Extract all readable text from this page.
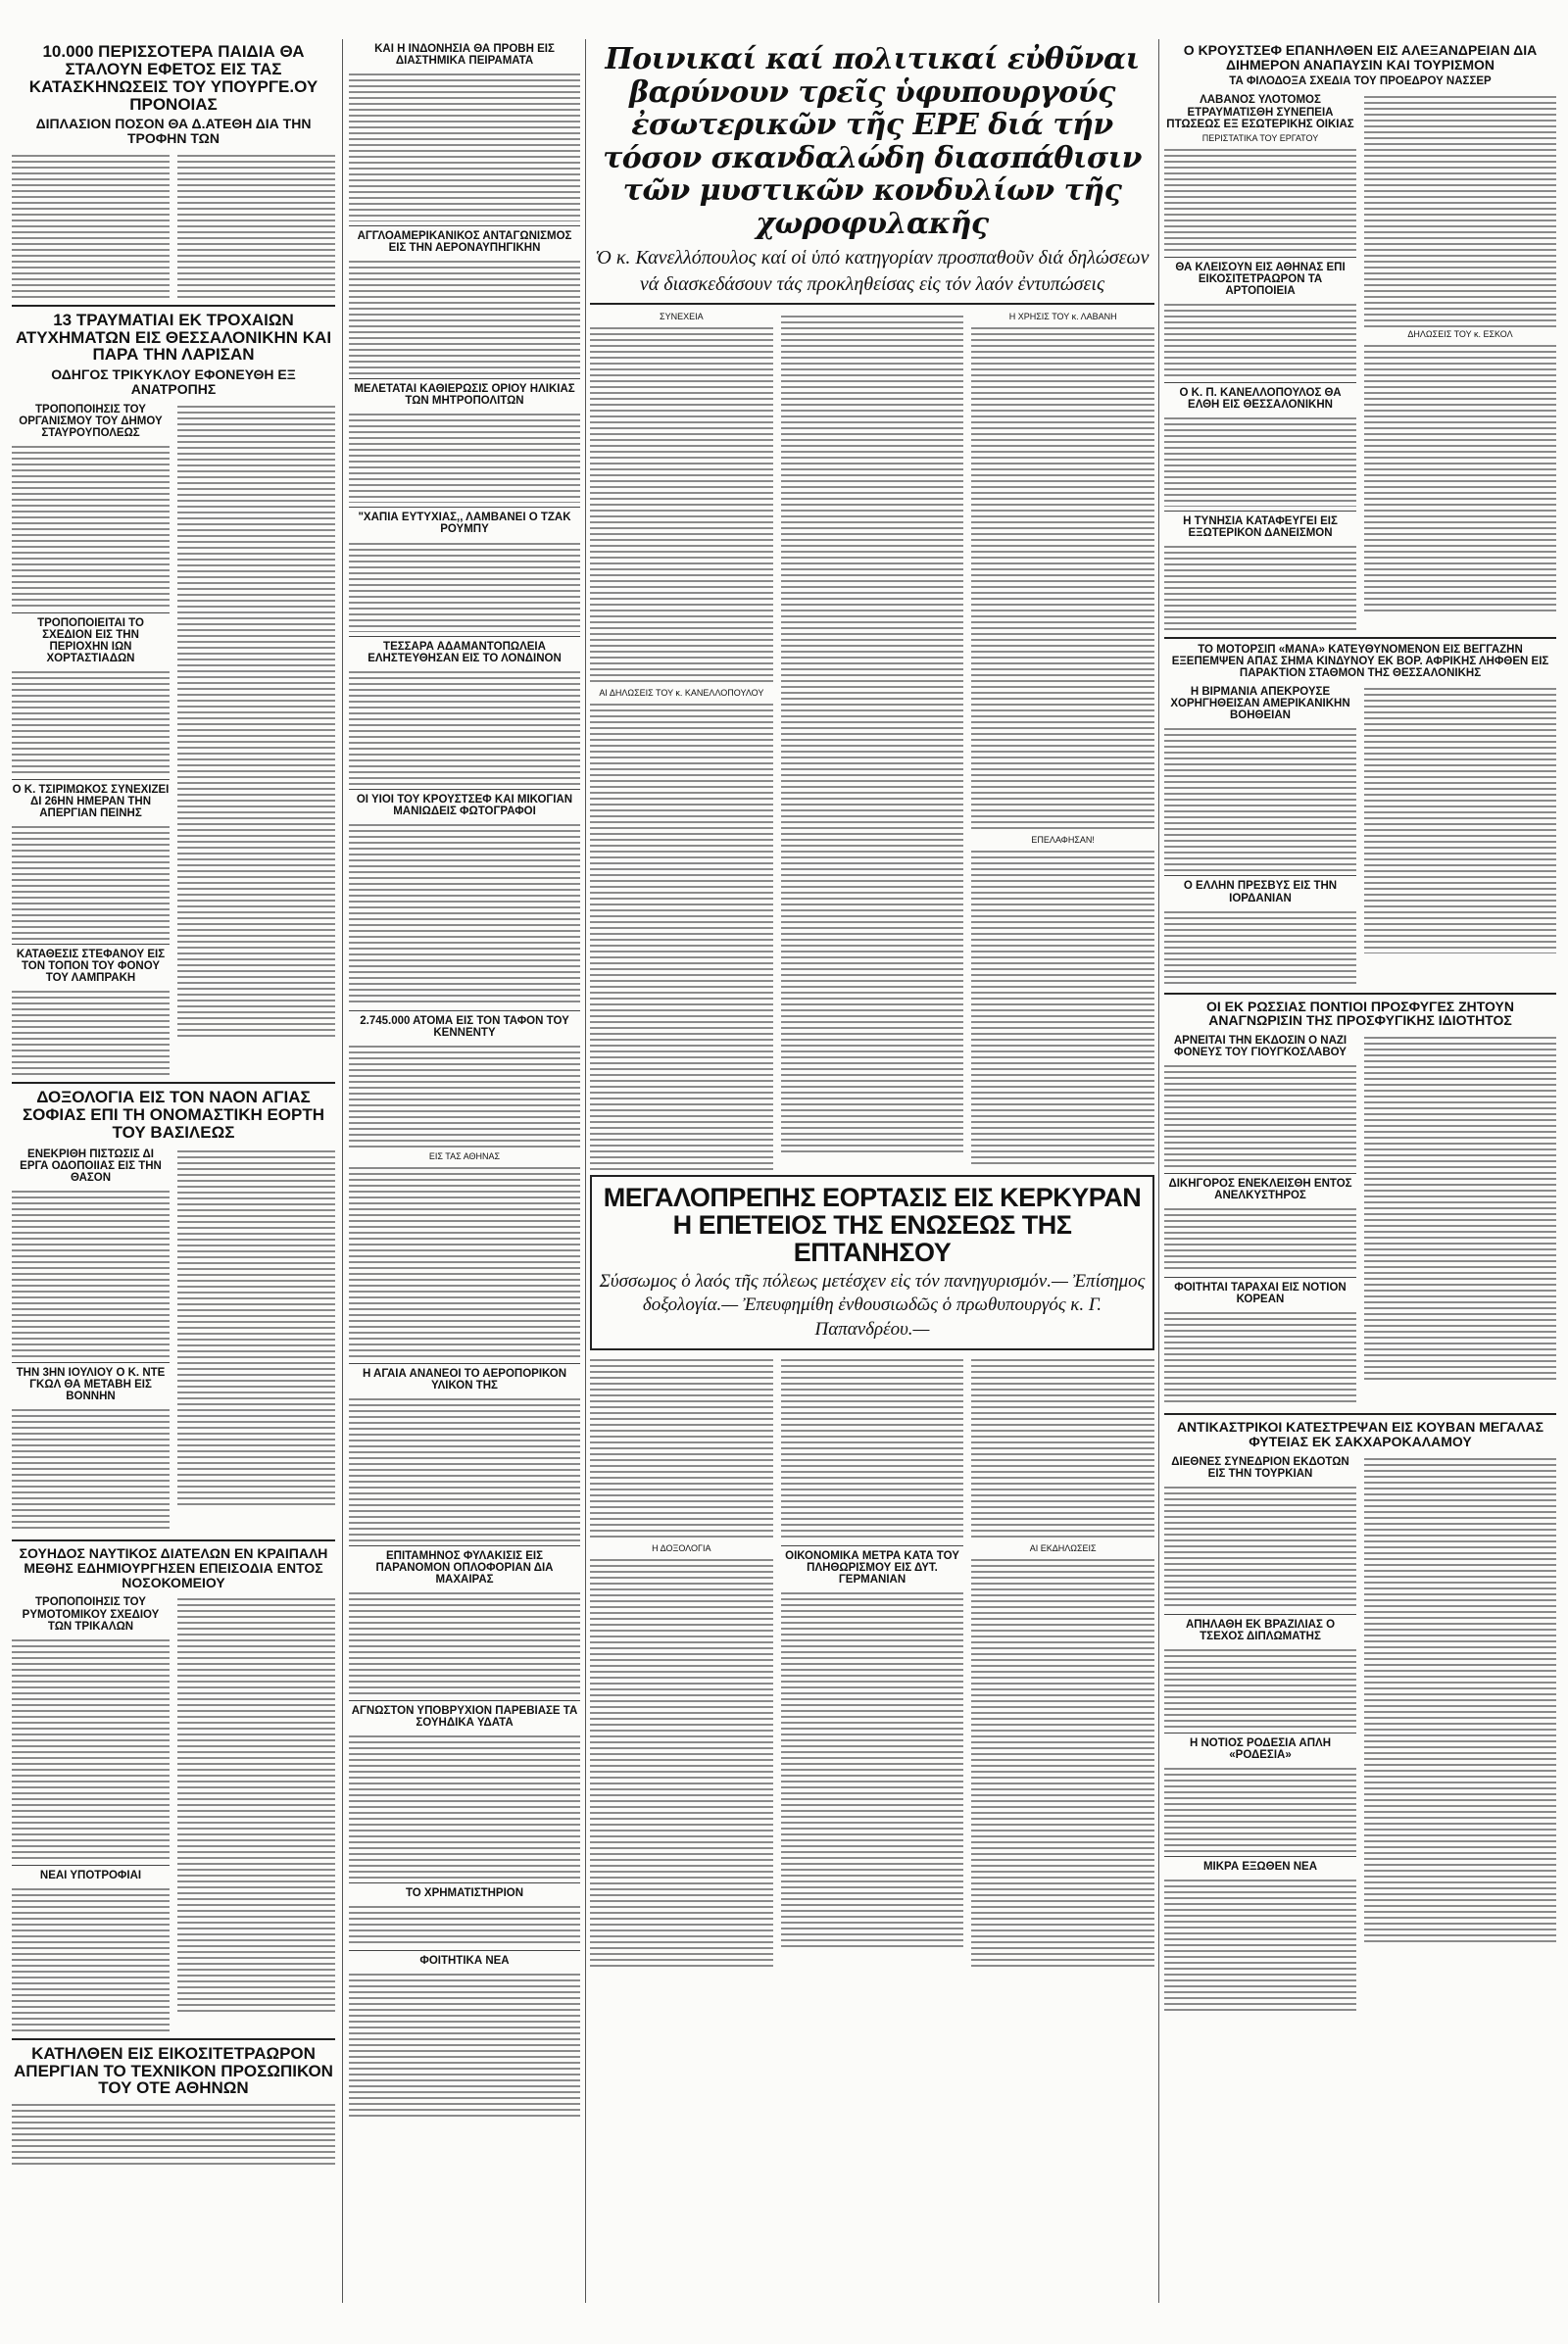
10.000 ΠΕΡΙΣΣΟΤΕΡΑ ΠΑΙΔΙΑ ΘΑ ΣΤΑΛΟΥΝ ΕΦΕΤΟΣ ΕΙΣ ΤΑΣ ΚΑΤΑΣΚΗΝΩΣΕΙΣ ΤΟΥ ΥΠΟΥΡΓΕ.ΟΥ ΠΡΟΝΟΙΑΣ
ΔΙΠΛΑΣΙΟΝ ΠΟΣΟΝ ΘΑ Δ.ΑΤΕΘΗ ΔΙΑ ΤΗΝ ΤΡΟΦΗΝ ΤΩΝ
13 ΤΡΑΥΜΑΤΙΑΙ ΕΚ ΤΡΟΧΑΙΩΝ ΑΤΥΧΗΜΑΤΩΝ ΕΙΣ ΘΕΣΣΑΛΟΝΙΚΗΝ ΚΑΙ ΠΑΡΑ ΤΗΝ ΛΑΡΙΣΑΝ
ΟΔΗΓΟΣ ΤΡΙΚΥΚΛΟΥ ΕΦΟΝΕΥΘΗ ΕΞ ΑΝΑΤΡΟΠΗΣ
ΤΡΟΠΟΠΟΙΗΣΙΣ ΤΟΥ ΟΡΓΑΝΙΣΜΟΥ ΤΟΥ ΔΗΜΟΥ ΣΤΑΥΡΟΥΠΟΛΕΩΣ
ΤΡΟΠΟΠΟΙΕΙΤΑΙ ΤΟ ΣΧΕΔΙΟΝ ΕΙΣ ΤΗΝ ΠΕΡΙΟΧΗΝ ΙΩΝ ΧΟΡΤΑΣΤΙΑΔΩΝ
Ο Κ. ΤΣΙΡΙΜΩΚΟΣ ΣΥΝΕΧΙΖΕΙ ΔΙ 26ΗΝ ΗΜΕΡΑΝ ΤΗΝ ΑΠΕΡΓΙΑΝ ΠΕΙΝΗΣ
ΚΑΤΑΘΕΣΙΣ ΣΤΕΦΑΝΟΥ ΕΙΣ ΤΟΝ ΤΟΠΟΝ ΤΟΥ ΦΟΝΟΥ ΤΟΥ ΛΑΜΠΡΑΚΗ
ΔΟΞΟΛΟΓΙΑ ΕΙΣ ΤΟΝ ΝΑΟΝ ΑΓΙΑΣ ΣΟΦΙΑΣ ΕΠΙ ΤΗ ΟΝΟΜΑΣΤΙΚΗ ΕΟΡΤΗ ΤΟΥ ΒΑΣΙΛΕΩΣ
ΕΝΕΚΡΙΘΗ ΠΙΣΤΩΣΙΣ ΔΙ ΕΡΓΑ ΟΔΟΠΟΙΙΑΣ ΕΙΣ ΤΗΝ ΘΑΣΟΝ
ΤΗΝ 3ΗΝ ΙΟΥΛΙΟΥ Ο Κ. ΝΤΕ ΓΚΩΛ ΘΑ ΜΕΤΑΒΗ ΕΙΣ ΒΟΝΝΗΝ
ΣΟΥΗΔΟΣ ΝΑΥΤΙΚΟΣ ΔΙΑΤΕΛΩΝ ΕΝ ΚΡΑΙΠΑΛΗ ΜΕΘΗΣ ΕΔΗΜΙΟΥΡΓΗΣΕΝ ΕΠΕΙΣΟΔΙΑ ΕΝΤΟΣ ΝΟΣΟΚΟΜΕΙΟΥ
ΤΡΟΠΟΠΟΙΗΣΙΣ ΤΟΥ ΡΥΜΟΤΟΜΙΚΟΥ ΣΧΕΔΙΟΥ ΤΩΝ ΤΡΙΚΑΛΩΝ
ΝΕΑΙ ΥΠΟΤΡΟΦΙΑΙ
ΚΑΤΗΛΘΕΝ ΕΙΣ ΕΙΚΟΣΙΤΕΤΡΑΩΡΟΝ ΑΠΕΡΓΙΑΝ ΤΟ ΤΕΧΝΙΚΟΝ ΠΡΟΣΩΠΙΚΟΝ ΤΟΥ ΟΤΕ ΑΘΗΝΩΝ
ΚΑΙ Η ΙΝΔΟΝΗΣΙΑ ΘΑ ΠΡΟΒΗ ΕΙΣ ΔΙΑΣΤΗΜΙΚΑ ΠΕΙΡΑΜΑΤΑ
ΑΓΓΛΟΑΜΕΡΙΚΑΝΙΚΟΣ ΑΝΤΑΓΩΝΙΣΜΟΣ ΕΙΣ ΤΗΝ ΑΕΡΟΝΑΥΠΗΓΙΚΗΝ
ΜΕΛΕΤΑΤΑΙ ΚΑΘΙΕΡΩΣΙΣ ΟΡΙΟΥ ΗΛΙΚΙΑΣ ΤΩΝ ΜΗΤΡΟΠΟΛΙΤΩΝ
"ΧΑΠΙΑ ΕΥΤΥΧΙΑΣ,, ΛΑΜΒΑΝΕΙ Ο ΤΖΑΚ ΡΟΥΜΠΥ
ΤΕΣΣΑΡΑ ΑΔΑΜΑΝΤΟΠΩΛΕΙΑ ΕΛΗΣΤΕΥΘΗΣΑΝ ΕΙΣ ΤΟ ΛΟΝΔΙΝΟΝ
ΟΙ ΥΙΟΙ ΤΟΥ ΚΡΟΥΣΤΣΕΦ ΚΑΙ ΜΙΚΟΓΙΑΝ ΜΑΝΙΩΔΕΙΣ ΦΩΤΟΓΡΑΦΟΙ
2.745.000 ΑΤΟΜΑ ΕΙΣ ΤΟΝ ΤΑΦΟΝ ΤΟΥ ΚΕΝΝΕΝΤΥ
ΕΙΣ ΤΑΣ ΑΘΗΝΑΣ
Η ΑΓΑΙΑ ΑΝΑΝΕΟΙ ΤΟ ΑΕΡΟΠΟΡΙΚΟΝ ΥΛΙΚΟΝ ΤΗΣ
ΕΠΙΤΑΜΗΝΟΣ ΦΥΛΑΚΙΣΙΣ ΕΙΣ ΠΑΡΑΝΟΜΟΝ ΟΠΛΟΦΟΡΙΑΝ ΔΙΑ ΜΑΧΑΙΡΑΣ
ΑΓΝΩΣΤΟΝ ΥΠΟΒΡΥΧΙΟΝ ΠΑΡΕΒΙΑΣΕ ΤΑ ΣΟΥΗΔΙΚΑ ΥΔΑΤΑ
ΤΟ ΧΡΗΜΑΤΙΣΤΗΡΙΟΝ
ΦΟΙΤΗΤΙΚΑ ΝΕΑ
Ποινικαί καί πολιτικαί εὐθῦναι βαρύνουν τρεῖς ὑφυπουργούς ἐσωτερικῶν τῆς ΕΡΕ διά τήν τόσον σκανδαλώδη διασπάθισιν τῶν μυστικῶν κονδυλίων τῆς χωροφυλακῆς
Ὁ κ. Κανελλόπουλος καί οἱ ὑπό κατηγορίαν προσπαθοῦν διά δηλώσεων νά διασκεδάσουν τάς προκληθείσας εἰς τόν λαόν ἐντυπώσεις
ΣΥΝΕΧΕΙΑ
ΑΙ ΔΗΛΩΣΕΙΣ ΤΟΥ κ. ΚΑΝΕΛΛΟΠΟΥΛΟΥ
Η ΧΡΗΣΙΣ ΤΟΥ κ. ΛΑΒΑΝΗ
ΕΠΕΛΑΦΗΣΑΝ!
ΜΕΓΑΛΟΠΡΕΠΗΣ ΕΟΡΤΑΣΙΣ ΕΙΣ ΚΕΡΚΥΡΑΝ Η ΕΠΕΤΕΙΟΣ ΤΗΣ ΕΝΩΣΕΩΣ ΤΗΣ ΕΠΤΑΝΗΣΟΥ
Σύσσωμος ὁ λαός τῆς πόλεως μετέσχεν εἰς τόν πανηγυρισμόν.— Ἐπίσημος δοξολογία.— Ἐπευφημίθη ἐνθουσιωδῶς ὁ πρωθυπουργός κ. Γ. Παπανδρέου.—
Η ΔΟΞΟΛΟΓΙΑ
ΟΙΚΟΝΟΜΙΚΑ ΜΕΤΡΑ ΚΑΤΑ ΤΟΥ ΠΛΗΘΩΡΙΣΜΟΥ ΕΙΣ ΔΥΤ. ΓΕΡΜΑΝΙΑΝ
ΑΙ ΕΚΔΗΛΩΣΕΙΣ
Ο ΚΡΟΥΣΤΣΕΦ ΕΠΑΝΗΛΘΕΝ ΕΙΣ ΑΛΕΞΑΝΔΡΕΙΑΝ ΔΙΑ ΔΙΗΜΕΡΟΝ ΑΝΑΠΑΥΣΙΝ ΚΑΙ ΤΟΥΡΙΣΜΟΝ
ΤΑ ΦΙΛΟΔΟΞΑ ΣΧΕΔΙΑ ΤΟΥ ΠΡΟΕΔΡΟΥ ΝΑΣΣΕΡ
ΛΑΒΑΝΟΣ ΥΛΟΤΟΜΟΣ ΕΤΡΑΥΜΑΤΙΣΘΗ ΣΥΝΕΠΕΙΑ ΠΤΩΣΕΩΣ ΕΞ ΕΣΩΤΕΡΙΚΗΣ ΟΙΚΙΑΣ
ΠΕΡΙΣΤΑΤΙΚΑ ΤΟΥ ΕΡΓΑΤΟΥ
ΘΑ ΚΛΕΙΣΟΥΝ ΕΙΣ ΑΘΗΝΑΣ ΕΠΙ ΕΙΚΟΣΙΤΕΤΡΑΩΡΟΝ ΤΑ ΑΡΤΟΠΟΙΕΙΑ
Ο Κ. Π. ΚΑΝΕΛΛΟΠΟΥΛΟΣ ΘΑ ΕΛΘΗ ΕΙΣ ΘΕΣΣΑΛΟΝΙΚΗΝ
Η ΤΥΝΗΣΙΑ ΚΑΤΑΦΕΥΓΕΙ ΕΙΣ ΕΞΩΤΕΡΙΚΟΝ ΔΑΝΕΙΣΜΟΝ
ΔΗΛΩΣΕΙΣ ΤΟΥ κ. ΕΣΚΟΛ
ΤΟ ΜΟΤΟΡΣΙΠ «ΜΑΝΑ» ΚΑΤΕΥΘΥΝΟΜΕΝΟΝ ΕΙΣ ΒΕΓΓΑΖΗΝ ΕΞΕΠΕΜΨΕΝ ΑΠΑΣ ΣΗΜΑ ΚΙΝΔΥΝΟΥ ΕΚ ΒΟΡ. ΑΦΡΙΚΗΣ ΛΗΦΘΕΝ ΕΙΣ ΠΑΡΑΚΤΙΟΝ ΣΤΑΘΜΟΝ ΤΗΣ ΘΕΣΣΑΛΟΝΙΚΗΣ
Η ΒΙΡΜΑΝΙΑ ΑΠΕΚΡΟΥΣΕ ΧΟΡΗΓΗΘΕΙΣΑΝ ΑΜΕΡΙΚΑΝΙΚΗΝ ΒΟΗΘΕΙΑΝ
Ο ΕΛΛΗΝ ΠΡΕΣΒΥΣ ΕΙΣ ΤΗΝ ΙΟΡΔΑΝΙΑΝ
ΟΙ ΕΚ ΡΩΣΣΙΑΣ ΠΟΝΤΙΟΙ ΠΡΟΣΦΥΓΕΣ ΖΗΤΟΥΝ ΑΝΑΓΝΩΡΙΣΙΝ ΤΗΣ ΠΡΟΣΦΥΓΙΚΗΣ ΙΔΙΟΤΗΤΟΣ
ΑΡΝΕΙΤΑΙ ΤΗΝ ΕΚΔΟΣΙΝ Ο ΝΑΖΙ ΦΟΝΕΥΣ ΤΟΥ ΓΙΟΥΓΚΟΣΛΑΒΟΥ
ΔΙΚΗΓΟΡΟΣ ΕΝΕΚΛΕΙΣΘΗ ΕΝΤΟΣ ΑΝΕΛΚΥΣΤΗΡΟΣ
ΦΟΙΤΗΤΑΙ ΤΑΡΑΧΑΙ ΕΙΣ ΝΟΤΙΟΝ ΚΟΡΕΑΝ
ΑΝΤΙΚΑΣΤΡΙΚΟΙ ΚΑΤΕΣΤΡΕΨΑΝ ΕΙΣ ΚΟΥΒΑΝ ΜΕΓΑΛΑΣ ΦΥΤΕΙΑΣ ΕΚ ΣΑΚΧΑΡΟΚΑΛΑΜΟΥ
ΔΙΕΘΝΕΣ ΣΥΝΕΔΡΙΟΝ ΕΚΔΟΤΩΝ ΕΙΣ ΤΗΝ ΤΟΥΡΚΙΑΝ
ΑΠΗΛΑΘΗ ΕΚ ΒΡΑΖΙΛΙΑΣ Ο ΤΣΕΧΟΣ ΔΙΠΛΩΜΑΤΗΣ
Η ΝΟΤΙΟΣ ΡΟΔΕΣΙΑ ΑΠΛΗ «ΡΟΔΕΣΙΑ»
ΜΙΚΡΑ ΕΞΩΘΕΝ ΝΕΑ
